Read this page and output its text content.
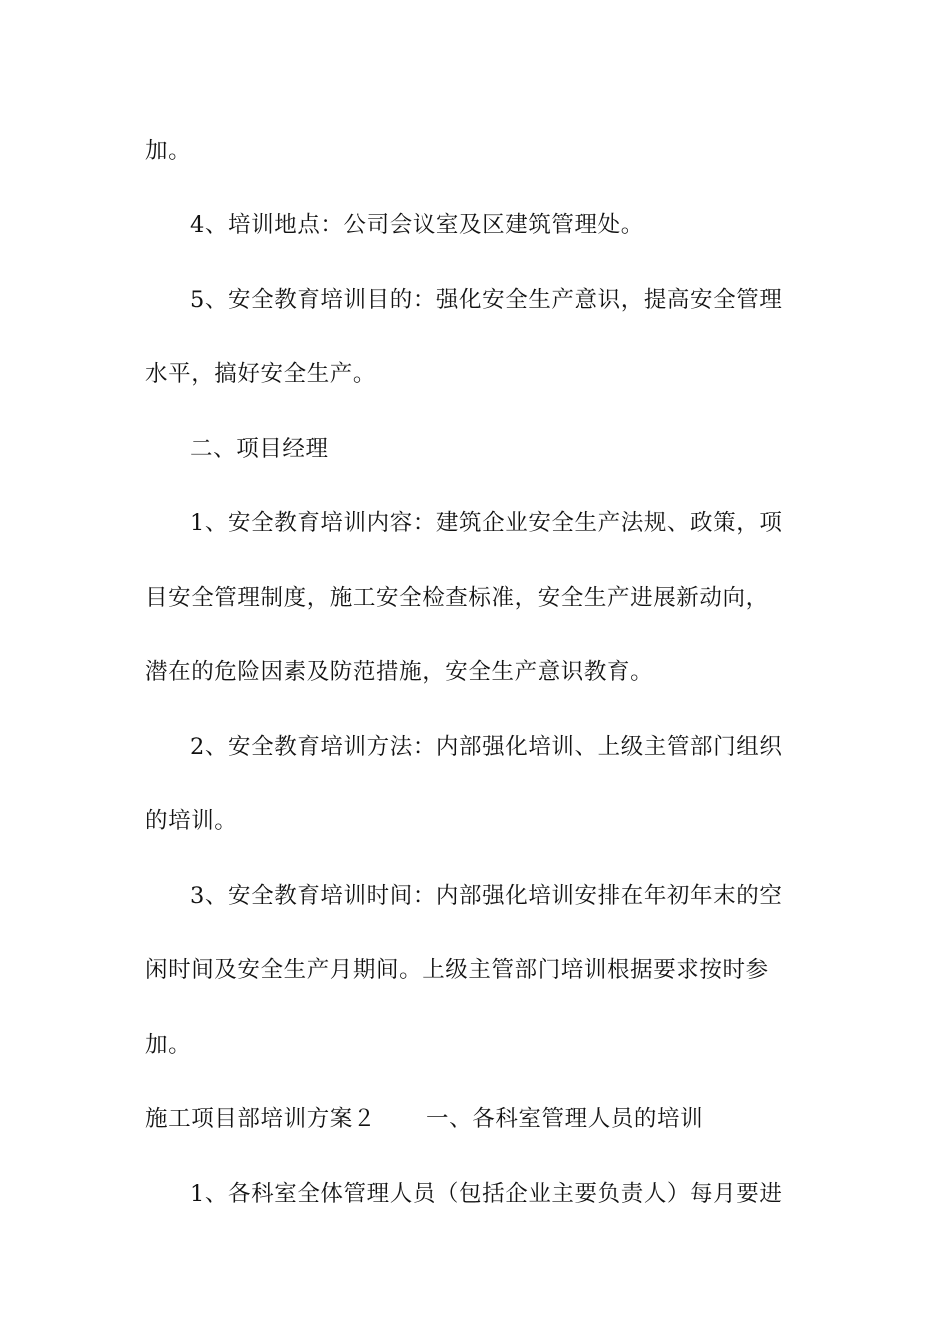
加。
4、培训地点：公司会议室及区建筑管理处。
5、安全教育培训目的：强化安全生产意识，提高安全管理
水平，搞好安全生产。
二、项目经理
1、安全教育培训内容：建筑企业安全生产法规、政策，项
目安全管理制度，施工安全检查标准，安全生产进展新动向，
潜在的危险因素及防范措施，安全生产意识教育。
2、安全教育培训方法：内部强化培训、上级主管部门组织
的培训。
3、安全教育培训时间：内部强化培训安排在年初年末的空
闲时间及安全生产月期间。上级主管部门培训根据要求按时参
加。
施工项目部培训方案２ 一、各科室管理人员的培训
1、各科室全体管理人员（包括企业主要负责人）每月要进
